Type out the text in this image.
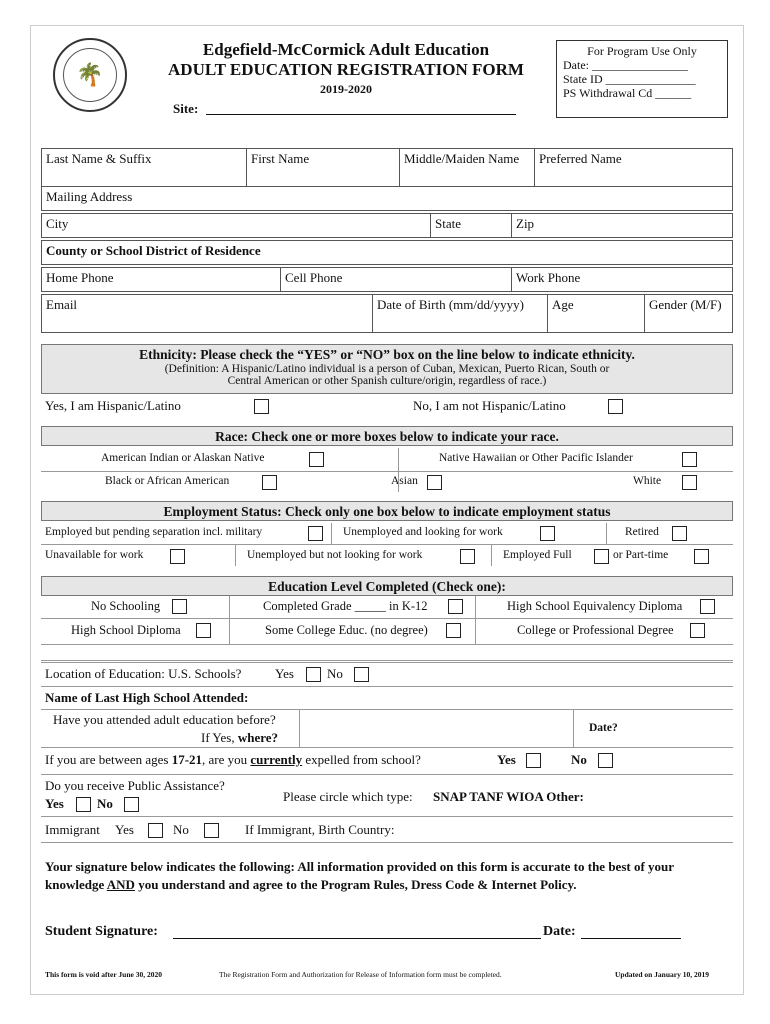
🌴
Edgefield-McCormick Adult Education
ADULT EDUCATION REGISTRATION FORM
2019-2020
Site:
For Program Use Only
Date: ________________
State ID _______________
PS Withdrawal Cd ______
Last Name & Suffix	First Name	Middle/Maiden Name	Preferred Name
Mailing Address
City	State	Zip
County or School District of Residence
Home Phone	Cell Phone	Work Phone
Email	Date of Birth (mm/dd/yyyy)	Age	Gender (M/F)
Ethnicity: Please check the “YES” or “NO” box on the line below to indicate ethnicity.
(Definition: A Hispanic/Latino individual is a person of Cuban, Mexican, Puerto Rican, South or
Central American or other Spanish culture/origin, regardless of race.)
Yes, I am Hispanic/Latino	No, I am not Hispanic/Latino
Race: Check one or more boxes below to indicate your race.
American Indian or Alaskan Native	Native Hawaiian or Other Pacific Islander
Black or African American	Asian	White
Employment Status: Check only one box below to indicate employment status
Employed but pending separation incl. military	Unemployed and looking for work	Retired
Unavailable for work	Unemployed but not looking for work	Employed Full	or Part-time
Education Level Completed (Check one):
No Schooling	Completed Grade _____ in K-12	High School Equivalency Diploma
High School Diploma	Some College Educ. (no degree)	College or Professional Degree
Location of Education: U.S. Schools?	Yes	No
Name of Last High School Attended:
Have you attended adult education before?
If Yes, where?
Date?
If you are between ages 17-21, are you currently expelled from school?	Yes	No
Do you receive Public Assistance?
Yes	No	Please circle which type: SNAP TANF WIOA Other:
Immigrant Yes	No	If Immigrant, Birth Country:
Your signature below indicates the following: All information provided on this form is accurate to the best of your
knowledge AND you understand and agree to the Program Rules, Dress Code & Internet Policy.
Student Signature:	Date:
This form is void after June 30, 2020	The Registration Form and Authorization for Release of Information form must be completed.	Updated on January 10, 2019
